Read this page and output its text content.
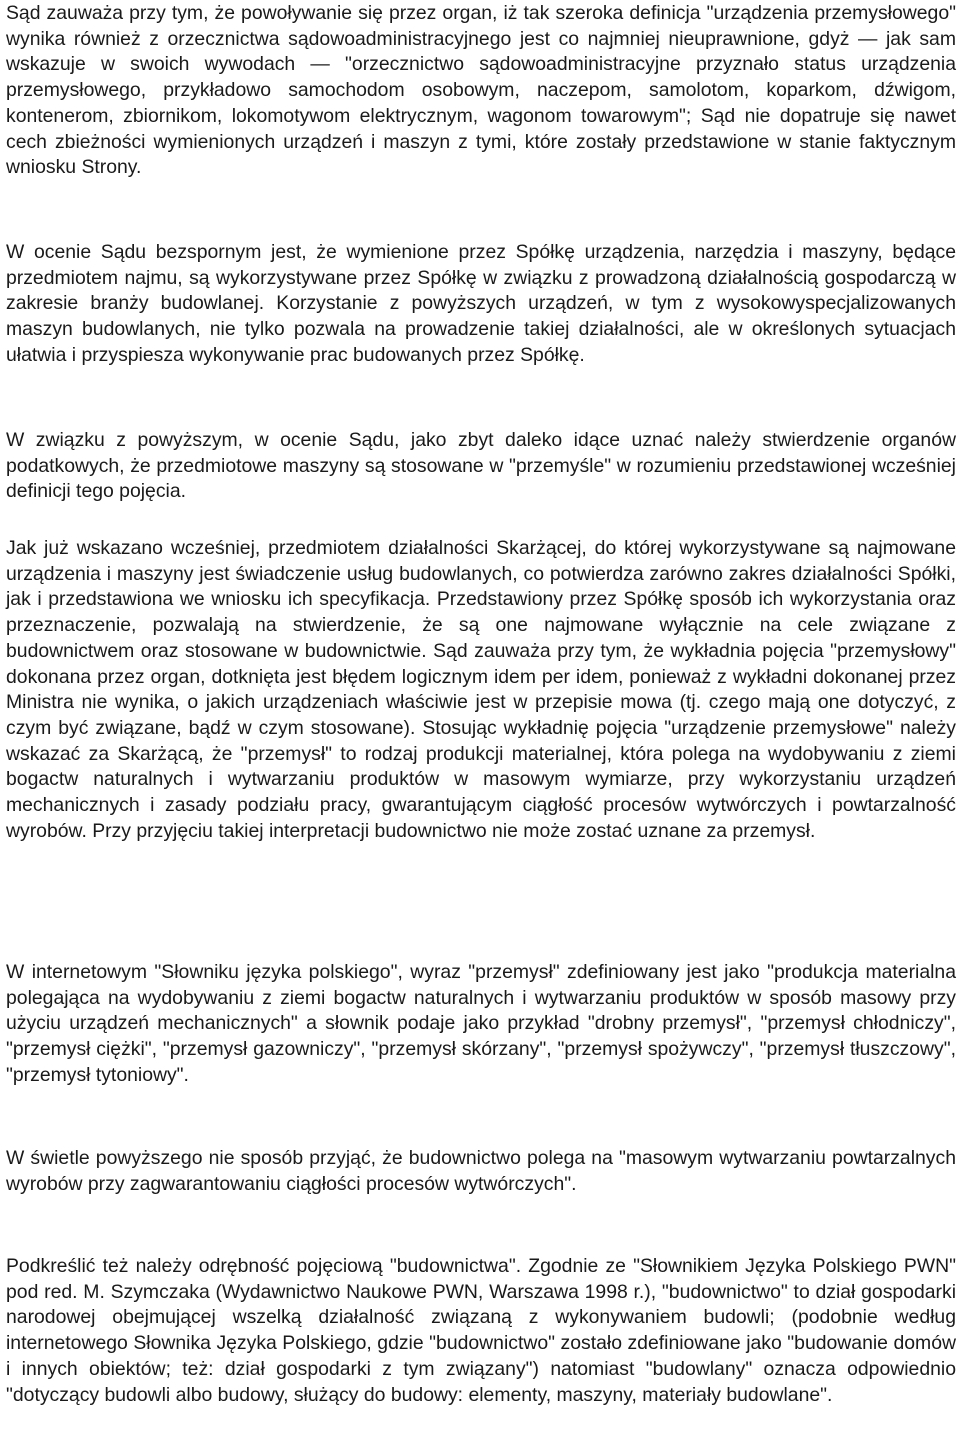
Sąd zauważa przy tym, że powoływanie się przez organ, iż tak szeroka definicja "urządzenia przemysłowego" wynika również z orzecznictwa sądowoadministracyjnego jest co najmniej nieuprawnione, gdyż — jak sam wskazuje w swoich wywodach — "orzecznictwo sądowoadministracyjne przyznało status urządzenia przemysłowego, przykładowo samochodom osobowym, naczepom, samolotom, koparkom, dźwigom, kontenerom, zbiornikom, lokomotywom elektrycznym, wagonom towarowym"; Sąd nie dopatruje się nawet cech zbieżności wymienionych urządzeń i maszyn z tymi, które zostały przedstawione w stanie faktycznym wniosku Strony.

W ocenie Sądu bezspornym jest, że wymienione przez Spółkę urządzenia, narzędzia i maszyny, będące przedmiotem najmu, są wykorzystywane przez Spółkę w związku z prowadzoną działalnością gospodarczą w zakresie branży budowlanej. Korzystanie z powyższych urządzeń, w tym z wysokowyspecjalizowanych maszyn budowlanych, nie tylko pozwala na prowadzenie takiej działalności, ale w określonych sytuacjach ułatwia i przyspiesza wykonywanie prac budowanych przez Spółkę.

W związku z powyższym, w ocenie Sądu, jako zbyt daleko idące uznać należy stwierdzenie organów podatkowych, że przedmiotowe maszyny są stosowane w "przemyśle" w rozumieniu przedstawionej wcześniej definicji tego pojęcia.

Jak już wskazano wcześniej, przedmiotem działalności Skarżącej, do której wykorzystywane są najmowane urządzenia i maszyny jest świadczenie usług budowlanych, co potwierdza zarówno zakres działalności Spółki, jak i przedstawiona we wniosku ich specyfikacja. Przedstawiony przez Spółkę sposób ich wykorzystania oraz przeznaczenie, pozwalają na stwierdzenie, że są one najmowane wyłącznie na cele związane z budownictwem oraz stosowane w budownictwie. Sąd zauważa przy tym, że wykładnia pojęcia "przemysłowy" dokonana przez organ, dotknięta jest błędem logicznym idem per idem, ponieważ z wykładni dokonanej przez Ministra nie wynika, o jakich urządzeniach właściwie jest w przepisie mowa (tj. czego mają one dotyczyć, z czym być związane, bądź w czym stosowane). Stosując wykładnię pojęcia "urządzenie przemysłowe" należy wskazać za Skarżącą, że "przemysł" to rodzaj produkcji materialnej, która polega na wydobywaniu z ziemi bogactw naturalnych i wytwarzaniu produktów w masowym wymiarze, przy wykorzystaniu urządzeń mechanicznych i zasady podziału pracy, gwarantującym ciągłość procesów wytwórczych i powtarzalność wyrobów. Przy przyjęciu takiej interpretacji budownictwo nie może zostać uznane za przemysł.

W internetowym "Słowniku języka polskiego", wyraz "przemysł" zdefiniowany jest jako "produkcja materialna polegająca na wydobywaniu z ziemi bogactw naturalnych i wytwarzaniu produktów w sposób masowy przy użyciu urządzeń mechanicznych" a słownik podaje jako przykład "drobny przemysł", "przemysł chłodniczy", "przemysł ciężki", "przemysł gazowniczy", "przemysł skórzany", "przemysł spożywczy", "przemysł tłuszczowy", "przemysł tytoniowy".

W świetle powyższego nie sposób przyjąć, że budownictwo polega na "masowym wytwarzaniu powtarzalnych wyrobów przy zagwarantowaniu ciągłości procesów wytwórczych".

Podkreślić też należy odrębność pojęciową "budownictwa". Zgodnie ze "Słownikiem Języka Polskiego PWN" pod red. M. Szymczaka (Wydawnictwo Naukowe PWN, Warszawa 1998 r.), "budownictwo" to dział gospodarki narodowej obejmującej wszelką działalność związaną z wykonywaniem budowli; (podobnie według internetowego Słownika Języka Polskiego, gdzie "budownictwo" zostało zdefiniowane jako "budowanie domów i innych obiektów; też: dział gospodarki z tym związany") natomiast "budowlany" oznacza odpowiednio "dotyczący budowli albo budowy, służący do budowy: elementy, maszyny, materiały budowlane".
